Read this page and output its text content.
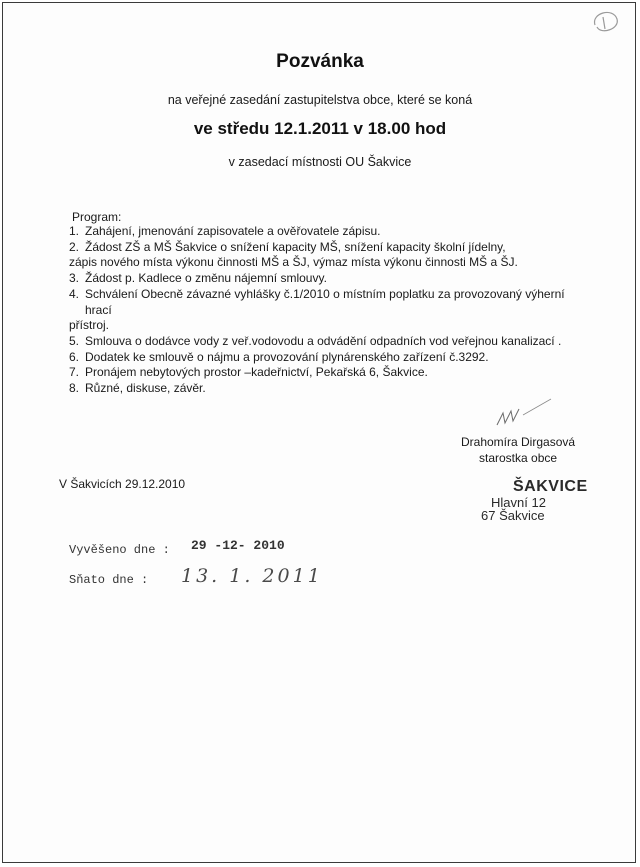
Pozvánka
na veřejné zasedání zastupitelstva obce, které se koná
ve středu 12.1.2011 v 18.00 hod
v zasedací místnosti OU Šakvice
Program:
1. Zahájení, jmenování zapisovatele a ověřovatele zápisu.
2. Žádost ZŠ a MŠ Šakvice o snížení kapacity MŠ, snížení kapacity školní jídelny,
zápis nového místa výkonu činnosti MŠ a ŠJ, výmaz místa výkonu činnosti MŠ a ŠJ.
3. Žádost p. Kadlece o změnu nájemní smlouvy.
4. Schválení Obecně závazné vyhlášky č.1/2010 o místním poplatku za provozovaný výherní hrací
přístroj.
5. Smlouva o dodávce vody z veř.vodovodu a odvádění odpadních vod veřejnou kanalizací .
6. Dodatek ke smlouvě o nájmu a provozování plynárenského zařízení č.3292.
7. Pronájem nebytových prostor –kadeřnictví, Pekařská 6, Šakvice.
8. Různé, diskuse, závěr.
Drahomíra Dirgasová
starostka obce
V Šakvicích 29.12.2010	ŠAKVICE
Hlavní 12
67 Šakvice
Vyvěšeno dne : 29 -12- 2010
Sňato dne : 13. 1. 2011
